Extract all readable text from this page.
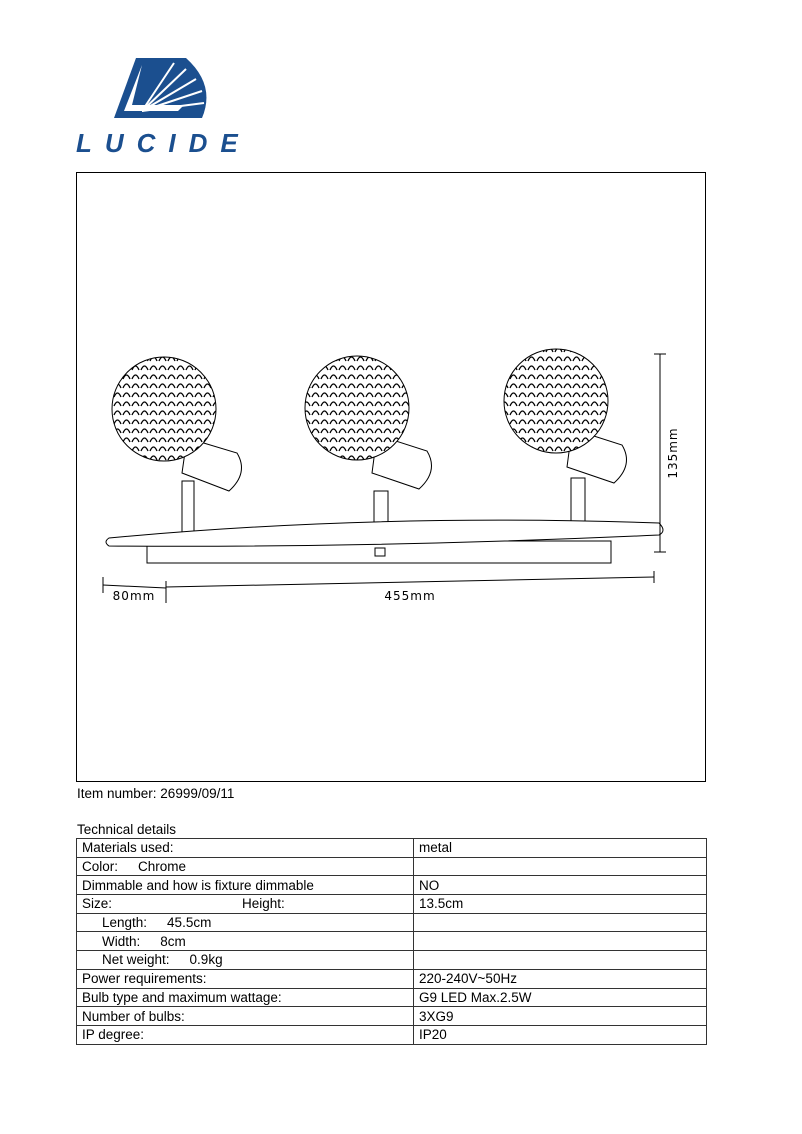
LUCIDE
135mm
455mm
80mm
Item number: 26999/09/11
Technical details
Materials used:	metal
Color: Chrome	
Dimmable and how is fixture dimmable	NO
Size: Height:	13.5cm
Length: 45.5cm	
Width: 8cm	
Net weight: 0.9kg	
Power requirements:	220-240V~50Hz
Bulb type and maximum wattage:	G9 LED Max.2.5W
Number of bulbs:	3XG9
IP degree:	IP20
